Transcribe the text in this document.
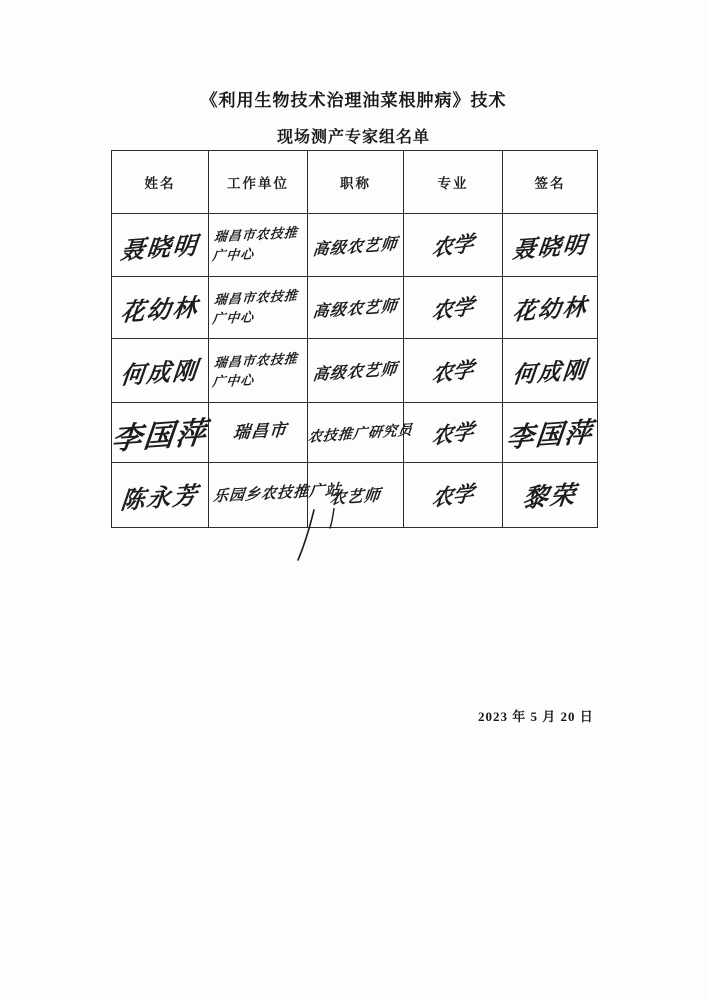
《利用生物技术治理油菜根肿病》技术
现场测产专家组名单
姓名	工作单位	职称	专业	签名
聂晓明	瑞昌市农技推广中心	高级农艺师	农学	聂晓明
花幼林	瑞昌市农技推广中心	高级农艺师	农学	花幼林
何成刚	瑞昌市农技推广中心	高级农艺师	农学	何成刚
李国萍	瑞昌市	农技推广研究员	农学	李国萍
陈永芳	乐园乡农技推广站	农艺师	农学	黎荣
2023 年 5 月 20 日
